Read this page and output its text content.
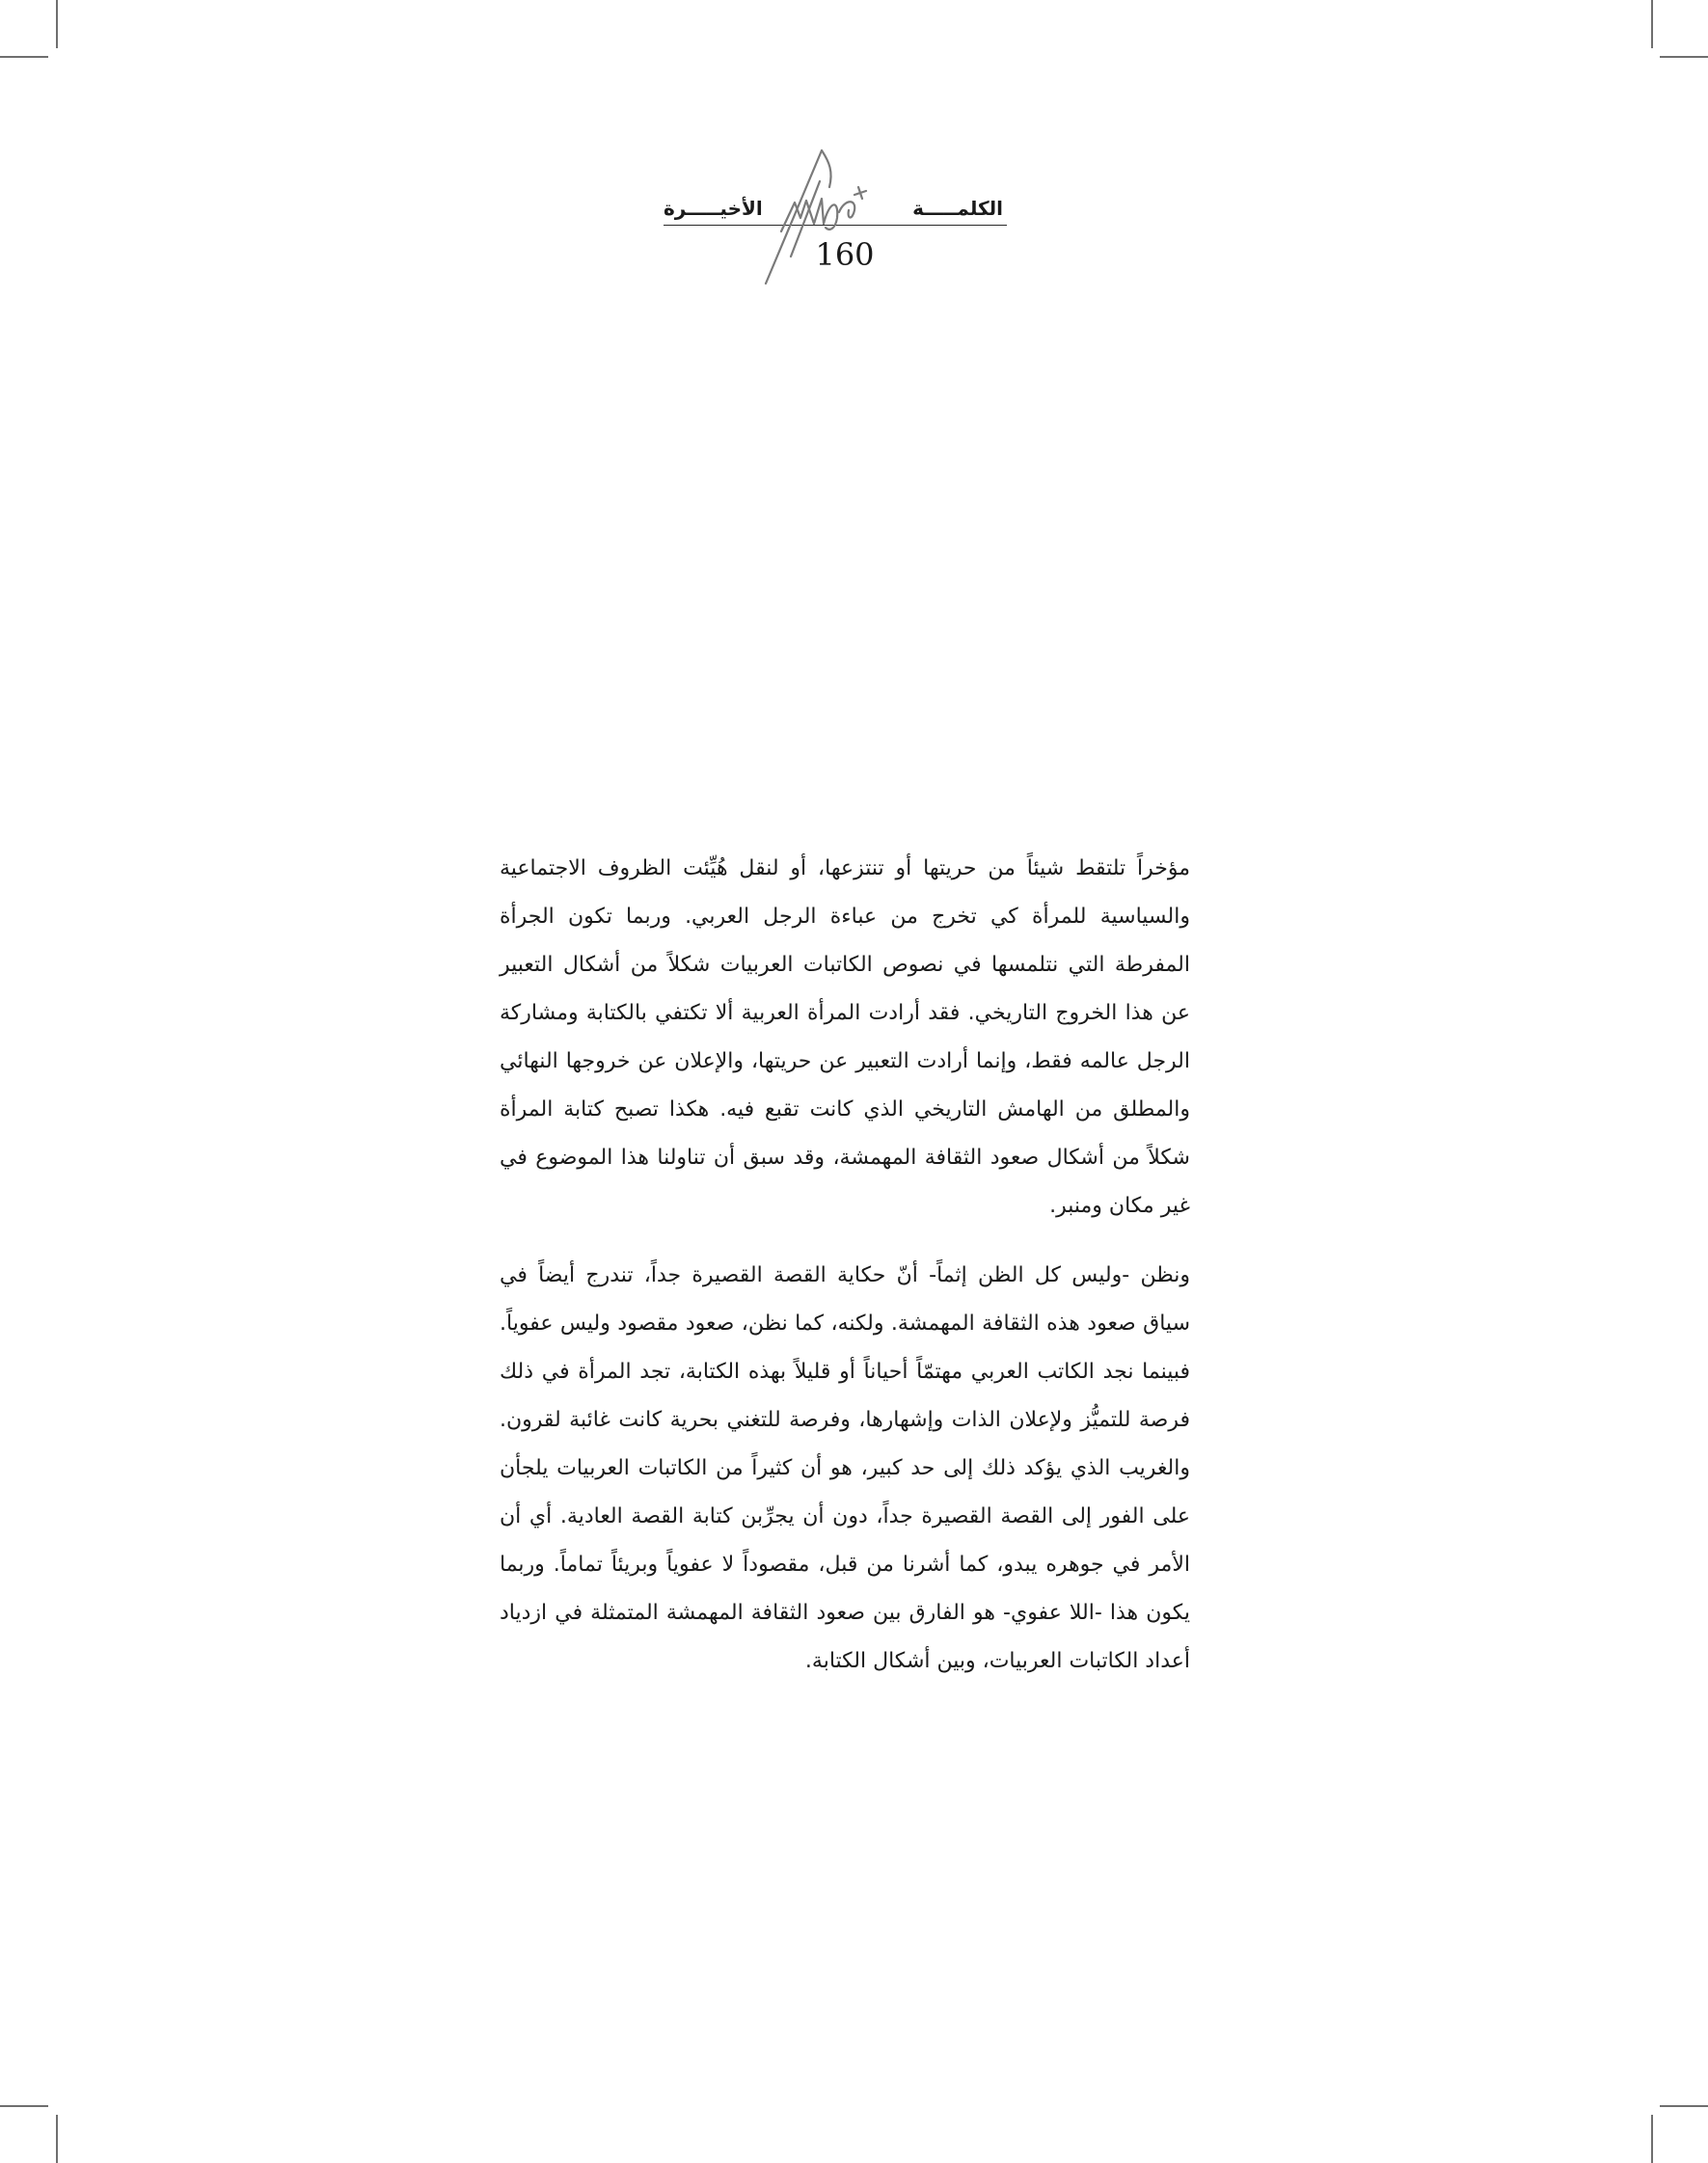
الكلمـــــة
الأخيـــــرة
160

مؤخراً تلتقط شيئاً من حريتها أو تنتزعها، أو لنقل هُيِّئت الظروف الاجتماعية والسياسية للمرأة كي تخرج من عباءة الرجل العربي. وربما تكون الجرأة المفرطة التي نتلمسها في نصوص الكاتبات العربيات شكلاً من أشكال التعبير عن هذا الخروج التاريخي. فقد أرادت المرأة العربية ألا تكتفي بالكتابة ومشاركة الرجل عالمه فقط، وإنما أرادت التعبير عن حريتها، والإعلان عن خروجها النهائي والمطلق من الهامش التاريخي الذي كانت تقبع فيه. هكذا تصبح كتابة المرأة شكلاً من أشكال صعود الثقافة المهمشة، وقد سبق أن تناولنا هذا الموضوع في غير مكان ومنبر.

ونظن -وليس كل الظن إثماً- أنّ حكاية القصة القصيرة جداً، تندرج أيضاً في سياق صعود هذه الثقافة المهمشة. ولكنه، كما نظن، صعود مقصود وليس عفوياً. فبينما نجد الكاتب العربي مهتمّاً أحياناً أو قليلاً بهذه الكتابة، تجد المرأة في ذلك فرصة للتميُّز ولإعلان الذات وإشهارها، وفرصة للتغني بحرية كانت غائبة لقرون. والغريب الذي يؤكد ذلك إلى حد كبير، هو أن كثيراً من الكاتبات العربيات يلجأن على الفور إلى القصة القصيرة جداً، دون أن يجرِّبن كتابة القصة العادية. أي أن الأمر في جوهره يبدو، كما أشرنا من قبل، مقصوداً لا عفوياً وبريئاً تماماً. وربما يكون هذا -اللا عفوي- هو الفارق بين صعود الثقافة المهمشة المتمثلة في ازدياد أعداد الكاتبات العربيات، وبين أشكال الكتابة.
